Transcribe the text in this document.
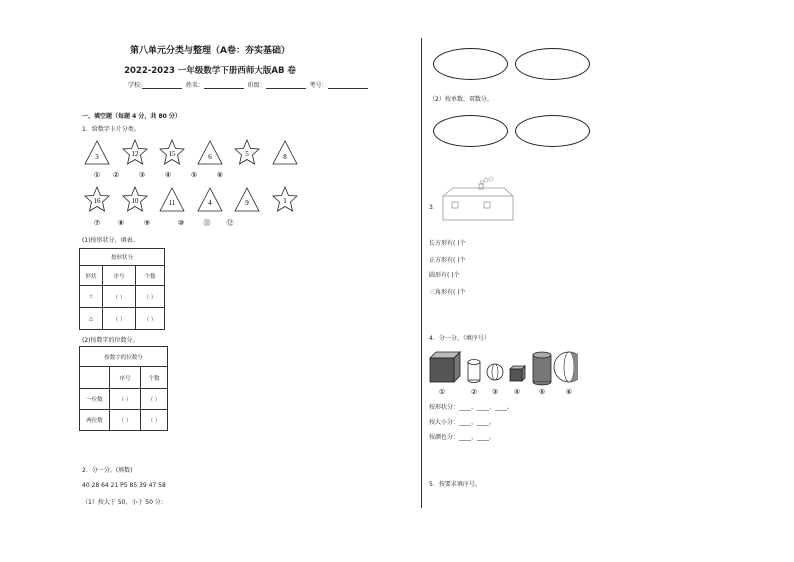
第八单元分类与整理（A卷：夯实基础）
2022-2023 一年级数学下册西师大版AB 卷
学校:	姓名：	班级：	考号：
一、填空题（每题 4 分，共 80 分）
1．给数字卡片分类。
3	12	15	6	5	8
① ②	③	④	⑤	⑥
16	10	11	4	9	1
⑦	⑧	⑨	⑩	⑪ ⑫
(1)按形状分，填表。
按形状分		
形状	序号	个数
☆	（ ）	（ ）
△	（ ）	（ ）
(2)按数字的位数分。
按数字的位数分		
	序号	个数
一位数	（ ）	（ ）
两位数	（ ）	（ ）
2．分一分。(填数)
40 28 64 21 P5 85 39 47 58
（1）按大于 50，小于 50 分：
（2）按单数、双数分。
3．
长方形有( )个
正方形有( )个
圆形有( )个
三角形有( )个
4．分一分。（填序号）
①	② ③ ④	⑤	⑥
按形状分：____、____、____。
按大小分：____、____。
按颜色分：____、____。
5．按要求填序号。
